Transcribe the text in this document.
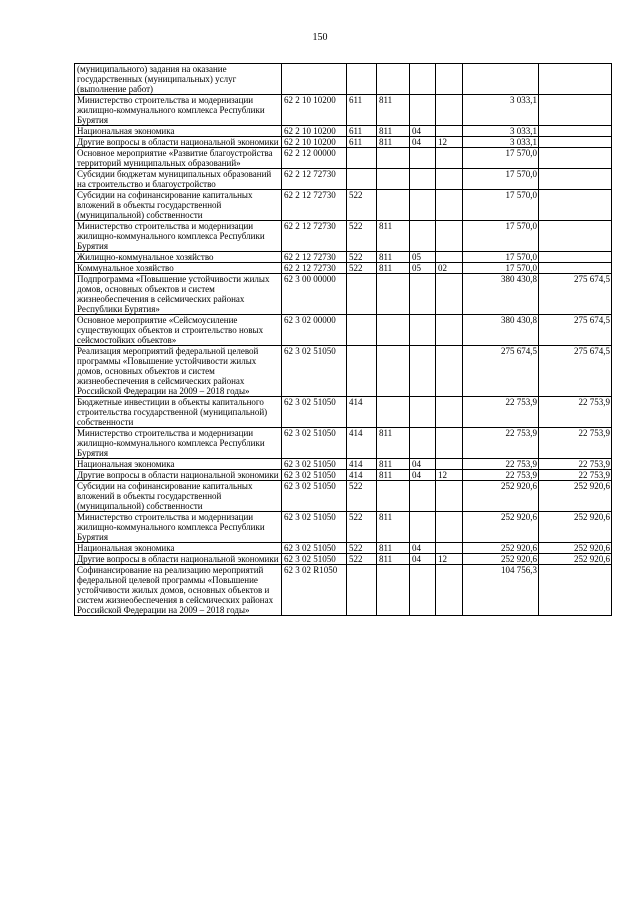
150
(муниципального) задания на оказание государственных (муниципальных) услуг (выполнение работ)							
Министерство строительства и модернизации жилищно-коммунального комплекса Республики Бурятия	62 2 10 10200	611	811			3 033,1	
Национальная экономика	62 2 10 10200	611	811	04		3 033,1	
Другие вопросы в области национальной экономики	62 2 10 10200	611	811	04	12	3 033,1	
Основное мероприятие «Развитие благоустройства территорий муниципальных образований»	62 2 12 00000					17 570,0	
Субсидии бюджетам муниципальных образований на строительство и благоустройство	62 2 12 72730					17 570,0	
Субсидии на софинансирование капитальных вложений в объекты государственной (муниципальной) собственности	62 2 12 72730	522				17 570,0	
Министерство строительства и модернизации жилищно-коммунального комплекса Республики Бурятия	62 2 12 72730	522	811			17 570,0	
Жилищно-коммунальное хозяйство	62 2 12 72730	522	811	05		17 570,0	
Коммунальное хозяйство	62 2 12 72730	522	811	05	02	17 570,0	
Подпрограмма «Повышение устойчивости жилых домов, основных объектов и систем жизнеобеспечения в сейсмических районах Республики Бурятия»	62 3 00 00000					380 430,8	275 674,5
Основное мероприятие «Сейсмоусиление существующих объектов и строительство новых сейсмостойких объектов»	62 3 02 00000					380 430,8	275 674,5
Реализация мероприятий федеральной целевой программы «Повышение устойчивости жилых домов, основных объектов и систем жизнеобеспечения в сейсмических районах Российской Федерации на 2009 – 2018 годы»	62 3 02 51050					275 674,5	275 674,5
Бюджетные инвестиции в объекты капитального строительства государственной (муниципальной) собственности	62 3 02 51050	414				22 753,9	22 753,9
Министерство строительства и модернизации жилищно-коммунального комплекса Республики Бурятия	62 3 02 51050	414	811			22 753,9	22 753,9
Национальная экономика	62 3 02 51050	414	811	04		22 753,9	22 753,9
Другие вопросы в области национальной экономики	62 3 02 51050	414	811	04	12	22 753,9	22 753,9
Субсидии на софинансирование капитальных вложений в объекты государственной (муниципальной) собственности	62 3 02 51050	522				252 920,6	252 920,6
Министерство строительства и модернизации жилищно-коммунального комплекса Республики Бурятия	62 3 02 51050	522	811			252 920,6	252 920,6
Национальная экономика	62 3 02 51050	522	811	04		252 920,6	252 920,6
Другие вопросы в области национальной экономики	62 3 02 51050	522	811	04	12	252 920,6	252 920,6
Софинансирование на реализацию мероприятий федеральной целевой программы «Повышение устойчивости жилых домов, основных объектов и систем жизнеобеспечения в сейсмических районах Российской Федерации на 2009 – 2018 годы»	62 3 02 R1050					104 756,3	
